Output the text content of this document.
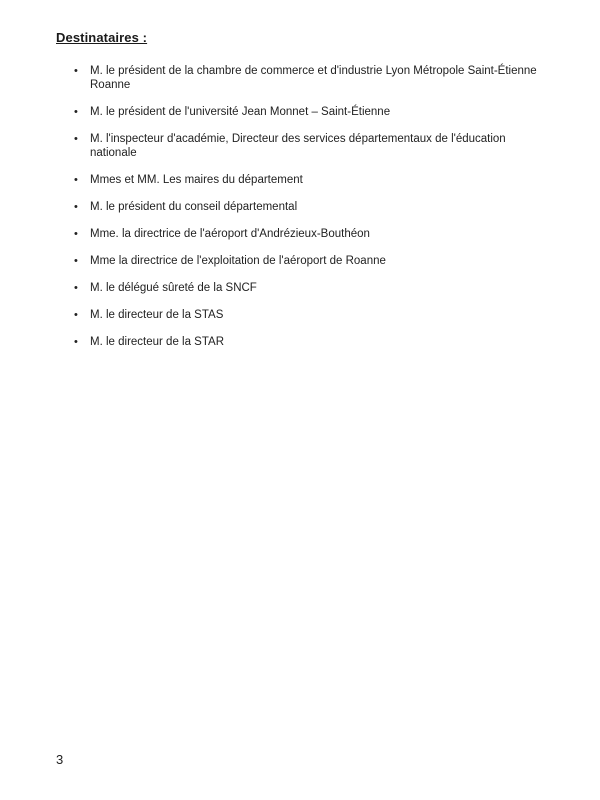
Destinataires :
• M. le président de la chambre de commerce et d'industrie Lyon Métropole Saint-Étienne Roanne
• M. le président de l'université Jean Monnet – Saint-Étienne
• M. l'inspecteur d'académie, Directeur des services départementaux de l'éducation nationale
• Mmes et MM. Les maires du département
• M. le président du conseil départemental
• Mme. la directrice de l'aéroport d'Andrézieux-Bouthéon
• Mme la directrice de l'exploitation de l'aéroport de Roanne
• M. le délégué sûreté de la SNCF
• M. le directeur de la STAS
• M. le directeur de la STAR
3
